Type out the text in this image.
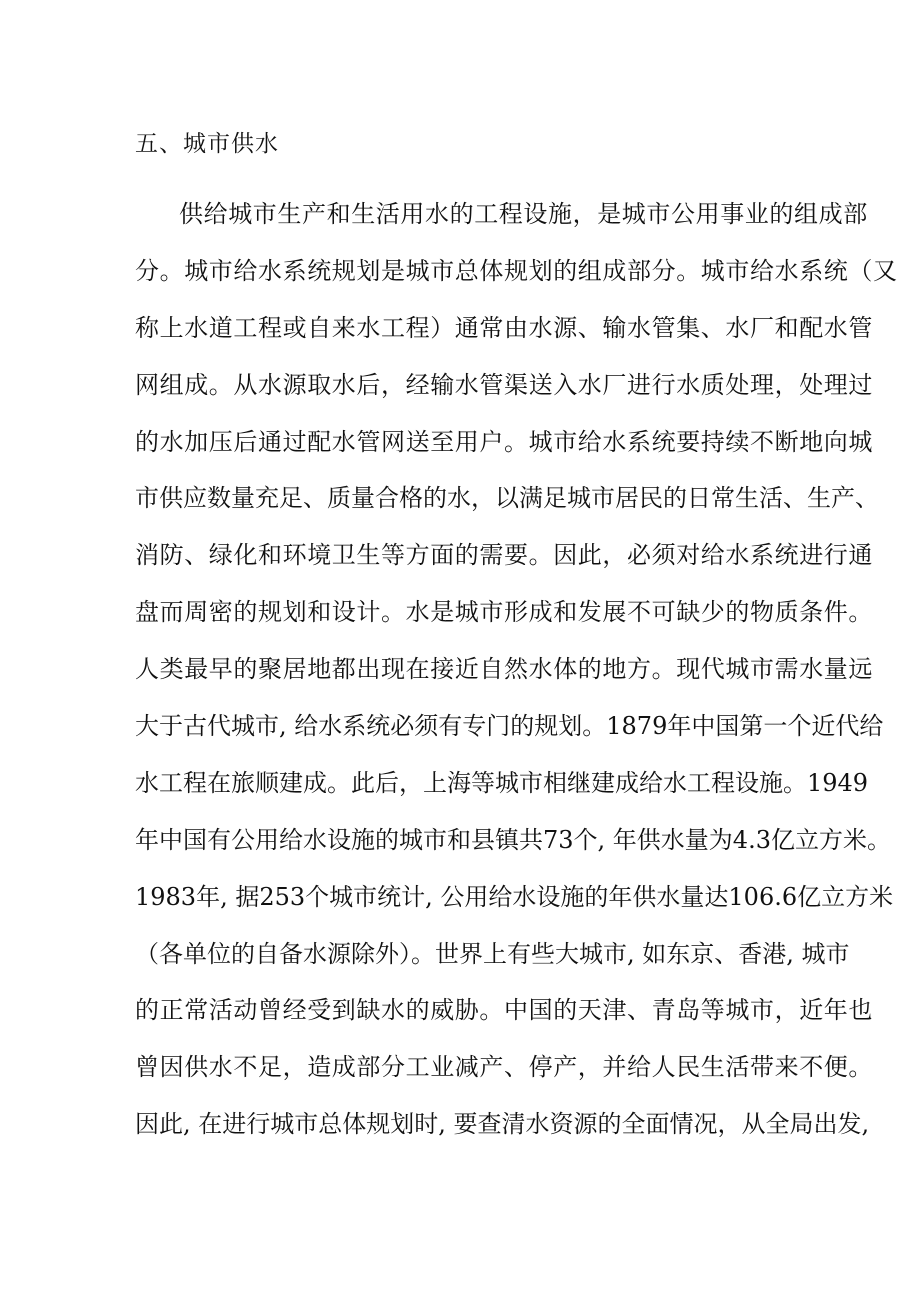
五、城市供水
供给城市生产和生活用水的工程设施，是城市公用事业的组成部
分。城市给水系统规划是城市总体规划的组成部分。城市给水系统（又
称上水道工程或自来水工程）通常由水源、输水管集、水厂和配水管
网组成。从水源取水后，经输水管渠送入水厂进行水质处理，处理过
的水加压后通过配水管网送至用户。城市给水系统要持续不断地向城
市供应数量充足、质量合格的水，以满足城市居民的日常生活、生产、
消防、绿化和环境卫生等方面的需要。因此，必须对给水系统进行通
盘而周密的规划和设计。水是城市形成和发展不可缺少的物质条件。
人类最早的聚居地都出现在接近自然水体的地方。现代城市需水量远
大于古代城市, 给水系统必须有专门的规划。1879年中国第一个近代给
水工程在旅顺建成。此后，上海等城市相继建成给水工程设施。1949
年中国有公用给水设施的城市和县镇共73个, 年供水量为4.3亿立方米。
1983年, 据253个城市统计, 公用给水设施的年供水量达106.6亿立方米
（各单位的自备水源除外）。世界上有些大城市, 如东京、香港, 城市
的正常活动曾经受到缺水的威胁。中国的天津、青岛等城市，近年也
曾因供水不足，造成部分工业减产、停产，并给人民生活带来不便。
因此, 在进行城市总体规划时, 要查清水资源的全面情况，从全局出发,
